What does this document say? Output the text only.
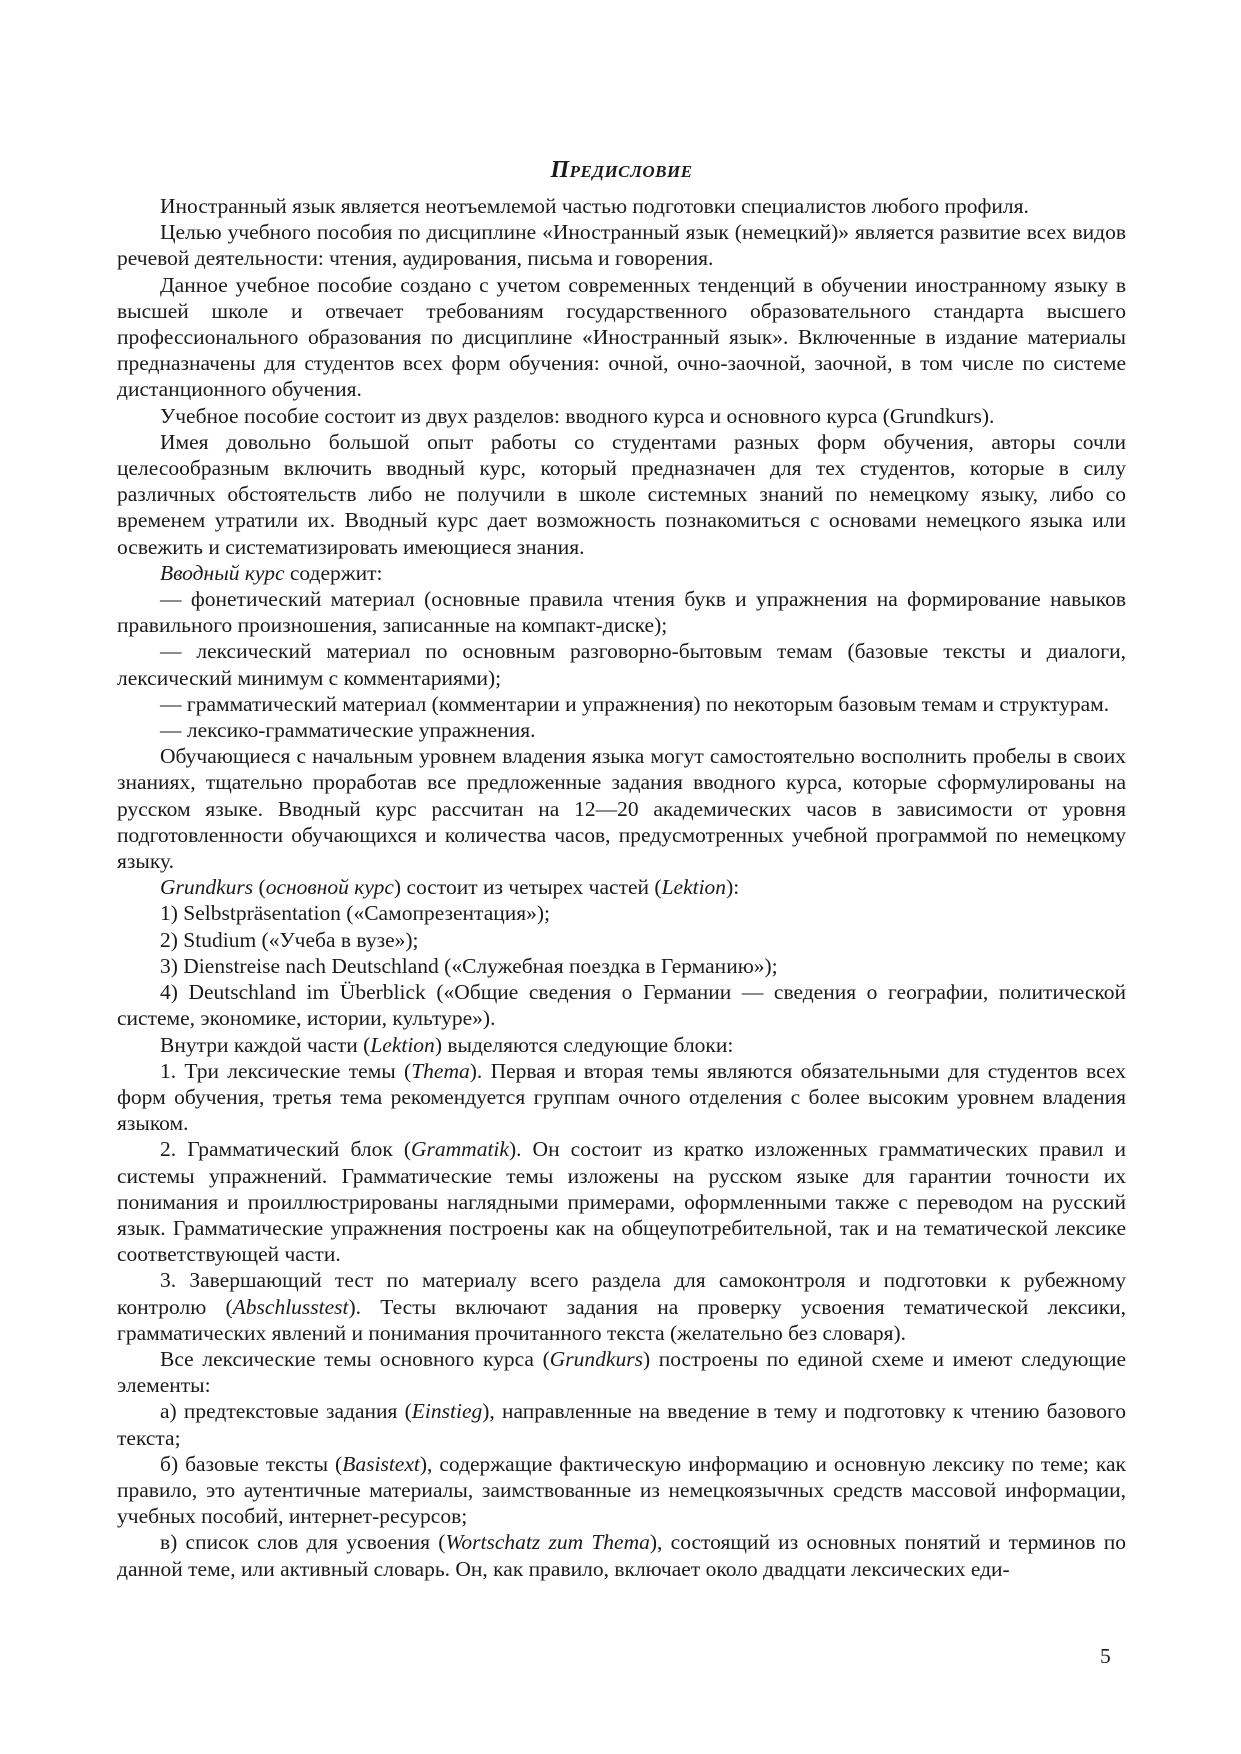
Предисловие

Иностранный язык является неотъемлемой частью подготовки специалистов любого профиля.

Целью учебного пособия по дисциплине «Иностранный язык (немецкий)» является развитие всех видов речевой деятельности: чтения, аудирования, письма и говорения.

Данное учебное пособие создано с учетом современных тенденций в обучении иностранному языку в высшей школе и отвечает требованиям государственного образовательного стандарта высшего профессионального образования по дисциплине «Иностранный язык». Включенные в издание материалы предназначены для студентов всех форм обучения: очной, очно-заочной, заочной, в том числе по системе дистанционного обучения.

Учебное пособие состоит из двух разделов: вводного курса и основного курса (Grundkurs).

Имея довольно большой опыт работы со студентами разных форм обучения, авторы сочли целесообразным включить вводный курс, который предназначен для тех студентов, которые в силу различных обстоятельств либо не получили в школе системных знаний по немецкому языку, либо со временем утратили их. Вводный курс дает возможность познакомиться с основами немецкого языка или освежить и систематизировать имеющиеся знания.

Вводный курс содержит:

— фонетический материал (основные правила чтения букв и упражнения на формирование навыков правильного произношения, записанные на компакт-диске);

— лексический материал по основным разговорно-бытовым темам (базовые тексты и диалоги, лексический минимум с комментариями);

— грамматический материал (комментарии и упражнения) по некоторым базовым темам и структурам.

— лексико-грамматические упражнения.

Обучающиеся с начальным уровнем владения языка могут самостоятельно восполнить пробелы в своих знаниях, тщательно проработав все предложенные задания вводного курса, которые сформулированы на русском языке. Вводный курс рассчитан на 12—20 академических часов в зависимости от уровня подготовленности обучающихся и количества часов, предусмотренных учебной программой по немецкому языку.

Grundkurs (основной курс) состоит из четырех частей (Lektion):

1) Selbstpräsentation («Самопрезентация»);

2) Studium («Учеба в вузе»);

3) Dienstreise nach Deutschland («Служебная поездка в Германию»);

4) Deutschland im Überblick («Общие сведения о Германии — сведения о географии, политической системе, экономике, истории, культуре»).

Внутри каждой части (Lektion) выделяются следующие блоки:

1. Три лексические темы (Thema). Первая и вторая темы являются обязательными для студентов всех форм обучения, третья тема рекомендуется группам очного отделения с более высоким уровнем владения языком.

2. Грамматический блок (Grammatik). Он состоит из кратко изложенных грамматических правил и системы упражнений. Грамматические темы изложены на русском языке для гарантии точности их понимания и проиллюстрированы наглядными примерами, оформленными также с переводом на русский язык. Грамматические упражнения построены как на общеупотребительной, так и на тематической лексике соответствующей части.

3. Завершающий тест по материалу всего раздела для самоконтроля и подготовки к рубежному контролю (Abschlusstest). Тесты включают задания на проверку усвоения тематической лексики, грамматических явлений и понимания прочитанного текста (желательно без словаря).

Все лексические темы основного курса (Grundkurs) построены по единой схеме и имеют следующие элементы:

а) предтекстовые задания (Einstieg), направленные на введение в тему и подготовку к чтению базового текста;

б) базовые тексты (Basistext), содержащие фактическую информацию и основную лексику по теме; как правило, это аутентичные материалы, заимствованные из немецкоязычных средств массовой информации, учебных пособий, интернет-ресурсов;

в) список слов для усвоения (Wortschatz zum Thema), состоящий из основных понятий и терминов по данной теме, или активный словарь. Он, как правило, включает около двадцати лексических еди-

5
